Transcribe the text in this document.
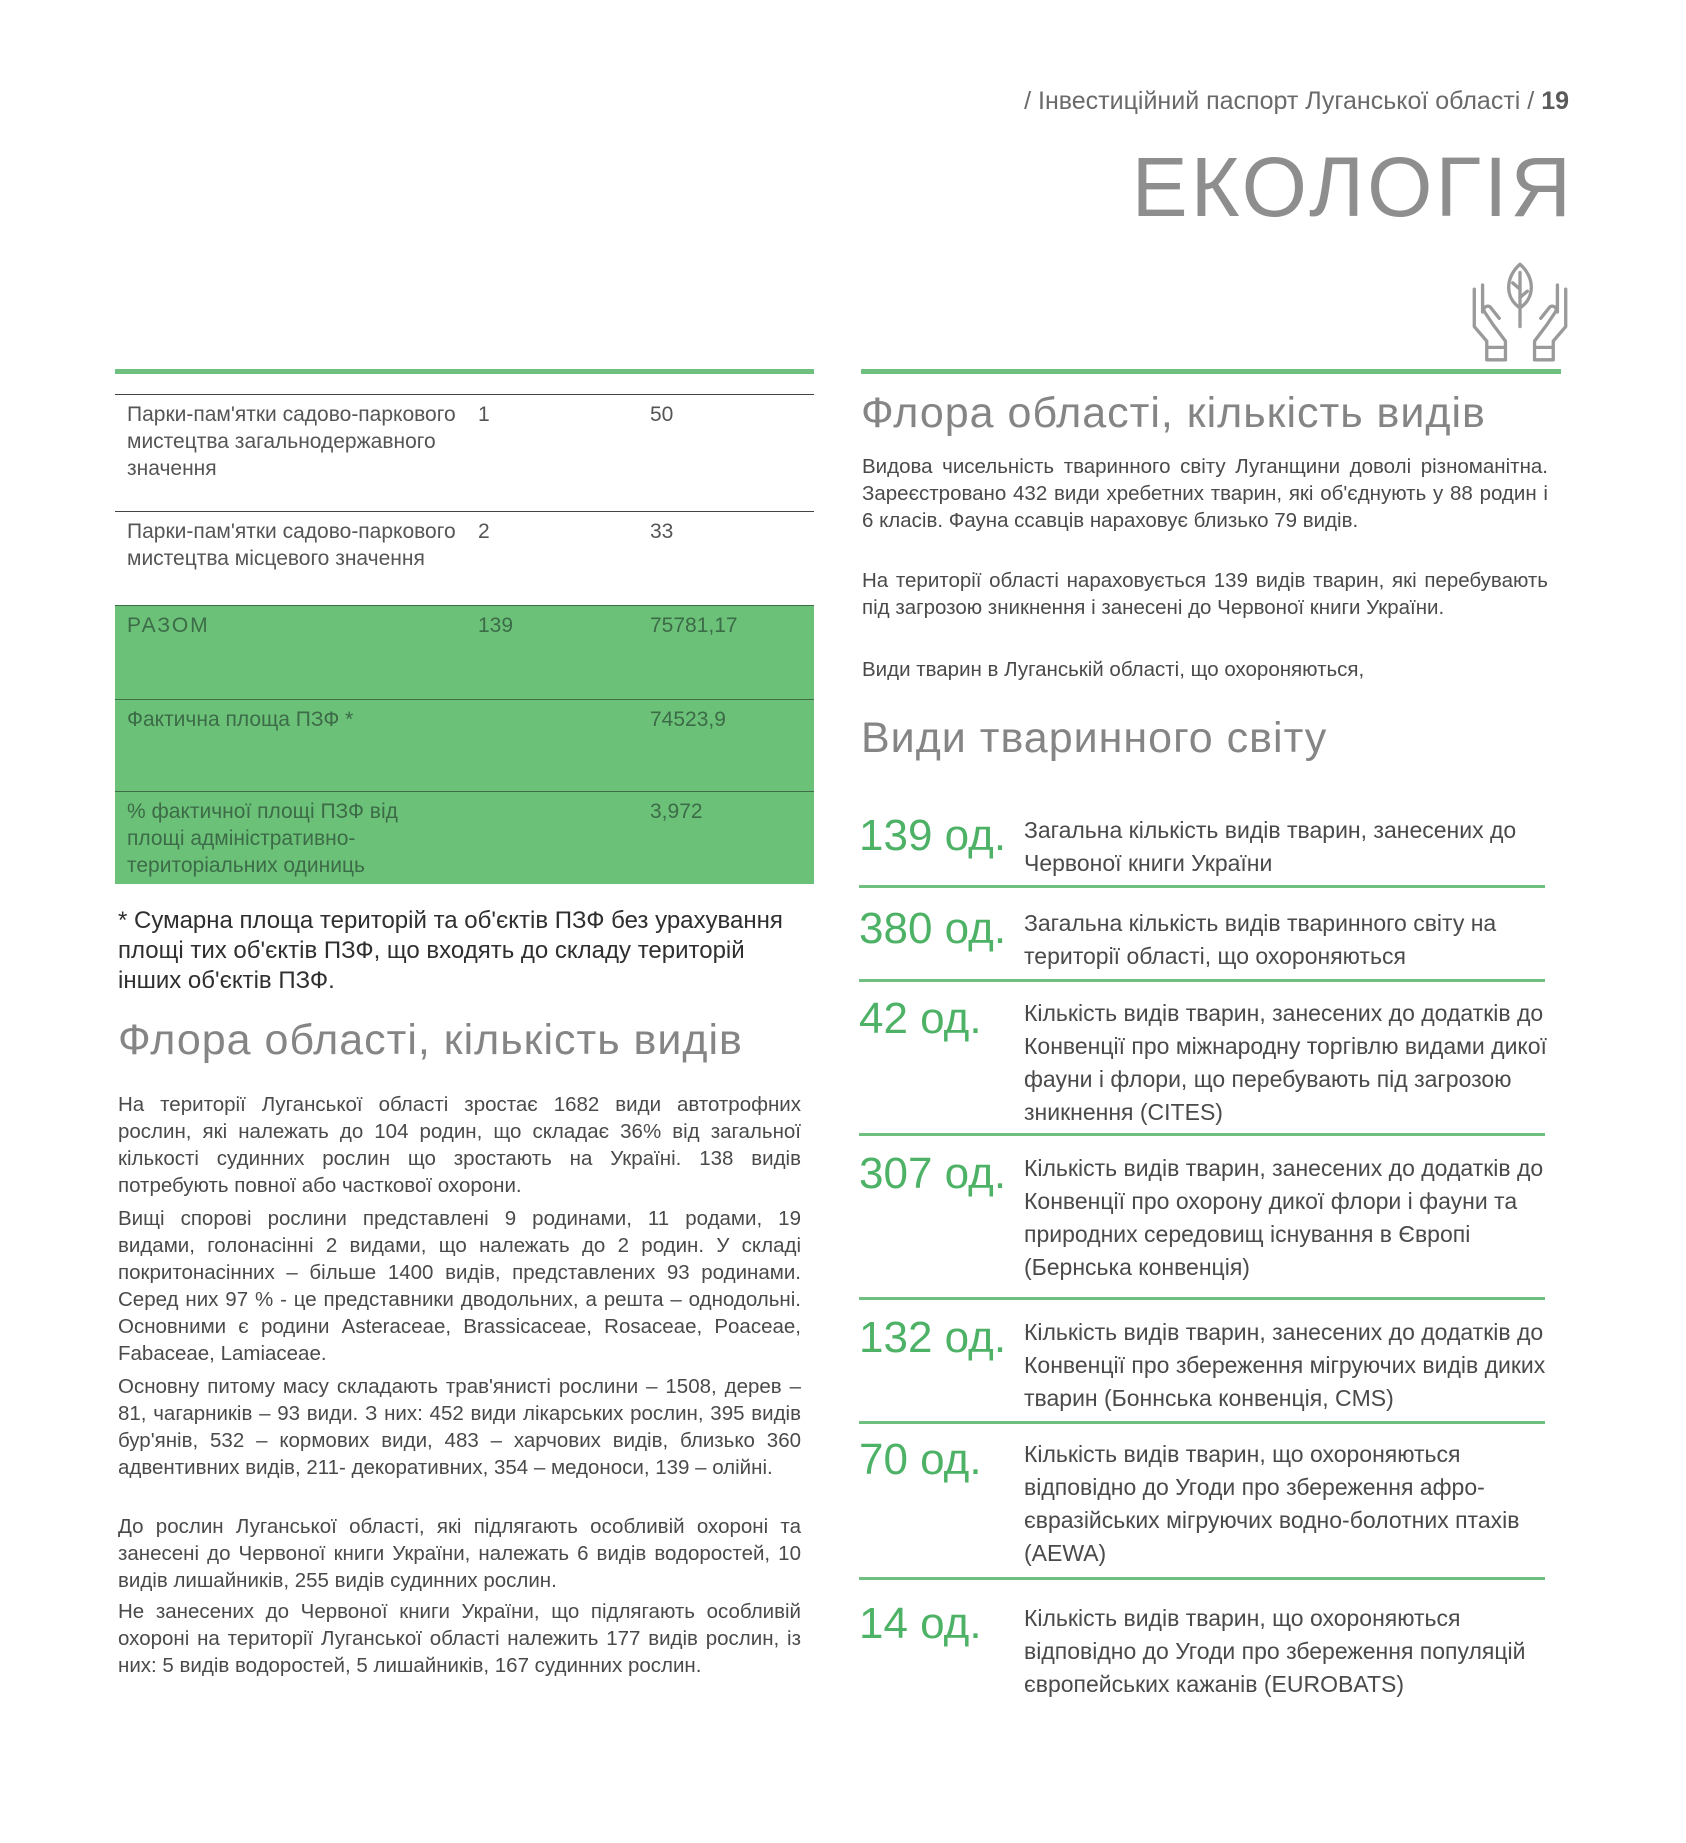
/ Інвестиційний паспорт Луганської області / 19
ЕКОЛОГІЯ
Парки-пам'ятки садово-паркового мистецтва загальнодержавного значення	1	50
Парки-пам'ятки садово-паркового мистецтва місцевого значення	2	33
РАЗОМ	139	75781,17
Фактична площа ПЗФ *		74523,9
% фактичної площі ПЗФ від площі адміністративно-територіальних одиниць		3,972
* Сумарна площа територій та об'єктів ПЗФ без урахування площі тих об'єктів ПЗФ, що входять до складу територій інших об'єктів ПЗФ.
Флора області, кількість видів

На території Луганської області зростає 1682 види автотрофних рослин, які належать до 104 родин, що складає 36% від загальної кількості судинних рослин що зростають на Україні. 138 видів потребують повної або часткової охорони.

Вищі спорові рослини представлені 9 родинами, 11 родами, 19 видами, голонасінні 2 видами, що належать до 2 родин. У складі покритонасінних – більше 1400 видів, представлених 93 родинами. Серед них 97 % - це представники дводольних, а решта – однодольні. Основними є родини Asteraceae, Brassicaceae, Rosaceae, Poaceae, Fabaceae, Lamiaceae.

Основну питому масу складають трав'янисті рослини – 1508, дерев – 81, чагарників – 93 види. З них: 452 види лікарських рослин, 395 видів бур'янів, 532 – кормових види, 483 – харчових видів, близько 360 адвентивних видів, 211- декоративних, 354 – медоноси, 139 – олійні.

До рослин Луганської області, які підлягають особливій охороні та занесені до Червоної книги України, належать 6 видів водоростей, 10 видів лишайників, 255 видів судинних рослин.

Не занесених до Червоної книги України, що підлягають особливій охороні на території Луганської області належить 177 видів рослин, із них: 5 видів водоростей, 5 лишайників, 167 судинних рослин.

Флора області, кількість видів

Видова чисельність тваринного світу Луганщини доволі різноманітна. Зареєстровано 432 види хребетних тварин, які об'єднують у 88 родин і 6 класів. Фауна ссавців нараховує близько 79 видів.

На території області нараховується 139 видів тварин, які перебувають під загрозою зникнення і занесені до Червоної книги України.

Види тварин в Луганській області, що охороняються,

Види тваринного світу
139 од. Загальна кількість видів тварин, занесених до Червоної книги України
380 од. Загальна кількість видів тваринного світу на території області, що охороняються
42 од. Кількість видів тварин, занесених до додатків до Конвенції про міжнародну торгівлю видами дикої фауни і флори, що перебувають під загрозою зникнення (CITES)
307 од. Кількість видів тварин, занесених до додатків до Конвенції про охорону дикої флори і фауни та природних середовищ існування в Європі (Бернська конвенція)
132 од. Кількість видів тварин, занесених до додатків до Конвенції про збереження мігруючих видів диких тварин (Боннська конвенція, CMS)
70 од. Кількість видів тварин, що охороняються відповідно до Угоди про збереження афро-євразійських мігруючих водно-болотних птахів (AEWA)
14 од. Кількість видів тварин, що охороняються відповідно до Угоди про збереження популяцій європейських кажанів (EUROBATS)
